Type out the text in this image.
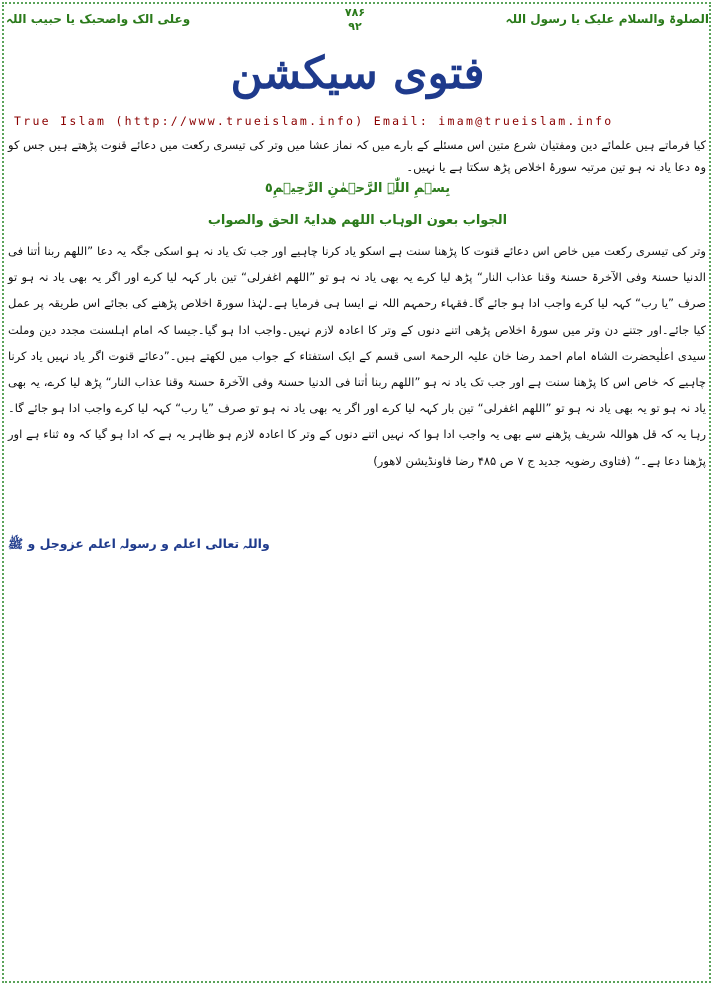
الصلوۃ والسلام علیک یا رسول اللہ
وعلی الک واصحبک یا حبیب اللہ	۷۸۶
۹۲
فتوی سیکشن
True Islam (http://www.trueislam.info) Email: imam@trueislam.info
کیا فرماتے ہیں علمائے دین ومفتیان شرع متین اس مسئلے کے بارے میں کہ نماز عشا میں وتر کی تیسری رکعت میں دعائے قنوت پڑھتے ہیں جس کو وہ دعا یاد نہ ہو تین مرتبہ سورۂ اخلاص پڑھ سکتا ہے یا نہیں۔
بِسۡمِ اللّٰہِ الرَّحۡمٰنِ الرَّحِیۡمِ٥
الجواب بعون الوہاب اللھم ھدایۃ الحق والصواب
وتر کی تیسری رکعت میں خاص اس دعائے قنوت کا پڑھنا سنت ہے اسکو یاد کرنا چاہیے اور جب تک یاد نہ ہو اسکی جگہ یہ دعا ”اللھم ربنا اٰتنا فی الدنیا حسنۃ وفی الآخرۃ حسنۃ وقنا عذاب النار“ پڑھ لیا کرے یہ بھی یاد نہ ہو تو ”اللھم اغفرلی“ تین بار کہہ لیا کرے اور اگر یہ بھی یاد نہ ہو تو صرف ”یا رب“ کہہ لیا کرے واجب ادا ہو جائے گا۔فقہاء رحمہم اللہ نے ایسا ہی فرمایا ہے۔لہٰذا سورۃ اخلاص پڑھنے کی بجائے اس طریقہ پر عمل کیا جائے۔اور جتنے دن وتر میں سورۂ اخلاص پڑھی اتنے دنوں کے وتر کا اعادہ لازم نہیں۔واجب ادا ہو گیا۔جیسا کہ امام اہلسنت مجدد دین وملت سیدی اعلٰیحضرت الشاہ امام احمد رضا خان علیہ الرحمۃ اسی قسم کے ایک استفتاء کے جواب میں لکھتے ہیں۔”دعائے قنوت اگر یاد نہیں یاد کرنا چاہیے کہ خاص اس کا پڑھنا سنت ہے اور جب تک یاد نہ ہو ”اللھم ربنا اٰتنا فی الدنیا حسنۃ وفی الآخرۃ حسنۃ وقنا عذاب النار“ پڑھ لیا کرے، یہ بھی یاد نہ ہو تو یہ بھی یاد نہ ہو تو ”اللھم اغفرلی“ تین بار کہہ لیا کرے اور اگر یہ بھی یاد نہ ہو تو صرف ”یا رب“ کہہ لیا کرے واجب ادا ہو جائے گا۔رہا یہ کہ قل ھواللہ شریف پڑھنے سے بھی یہ واجب ادا ہوا کہ نہیں اتنے دنوں کے وتر کا اعادہ لازم ہو ظاہر یہ ہے کہ ادا ہو گیا کہ وہ ثناء ہے اور پڑھنا دعا ہے۔“ (فتاوی رضویہ جدید ج ۷ ص ۴۸۵ رضا فاونڈیشن لاھور)
واللہ تعالی اعلم و رسولہ اعلم عزوجل و ﷺ
